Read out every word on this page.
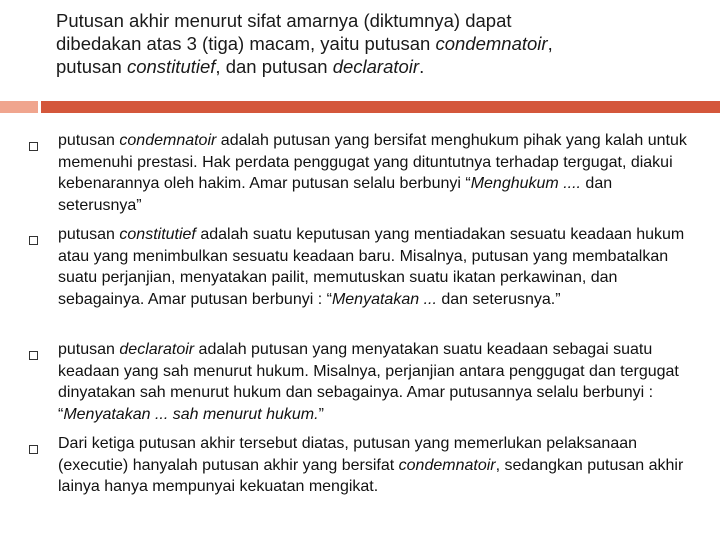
Putusan akhir menurut sifat amarnya (diktumnya) dapat
dibedakan atas 3 (tiga) macam, yaitu putusan condemnatoir,
putusan constitutief, dan putusan declaratoir.
putusan condemnatoir adalah putusan yang bersifat menghukum pihak yang kalah untuk memenuhi prestasi. Hak perdata penggugat yang dituntutnya terhadap tergugat, diakui kebenarannya oleh hakim. Amar putusan selalu berbunyi “Menghukum .... dan seterusnya”
putusan constitutief adalah suatu keputusan yang mentiadakan sesuatu keadaan hukum atau yang menimbulkan sesuatu keadaan baru. Misalnya, putusan yang membatalkan suatu perjanjian, menyatakan pailit, memutuskan suatu ikatan perkawinan, dan sebagainya. Amar putusan berbunyi : “Menyatakan ... dan seterusnya.”
putusan declaratoir adalah putusan yang menyatakan suatu keadaan sebagai suatu keadaan yang sah menurut hukum. Misalnya, perjanjian antara penggugat dan tergugat dinyatakan sah menurut hukum dan sebagainya. Amar putusannya selalu berbunyi : “Menyatakan ... sah menurut hukum.”
Dari ketiga putusan akhir tersebut diatas, putusan yang memerlukan pelaksanaan (executie) hanyalah putusan akhir yang bersifat condemnatoir, sedangkan putusan akhir lainya hanya mempunyai kekuatan mengikat.
